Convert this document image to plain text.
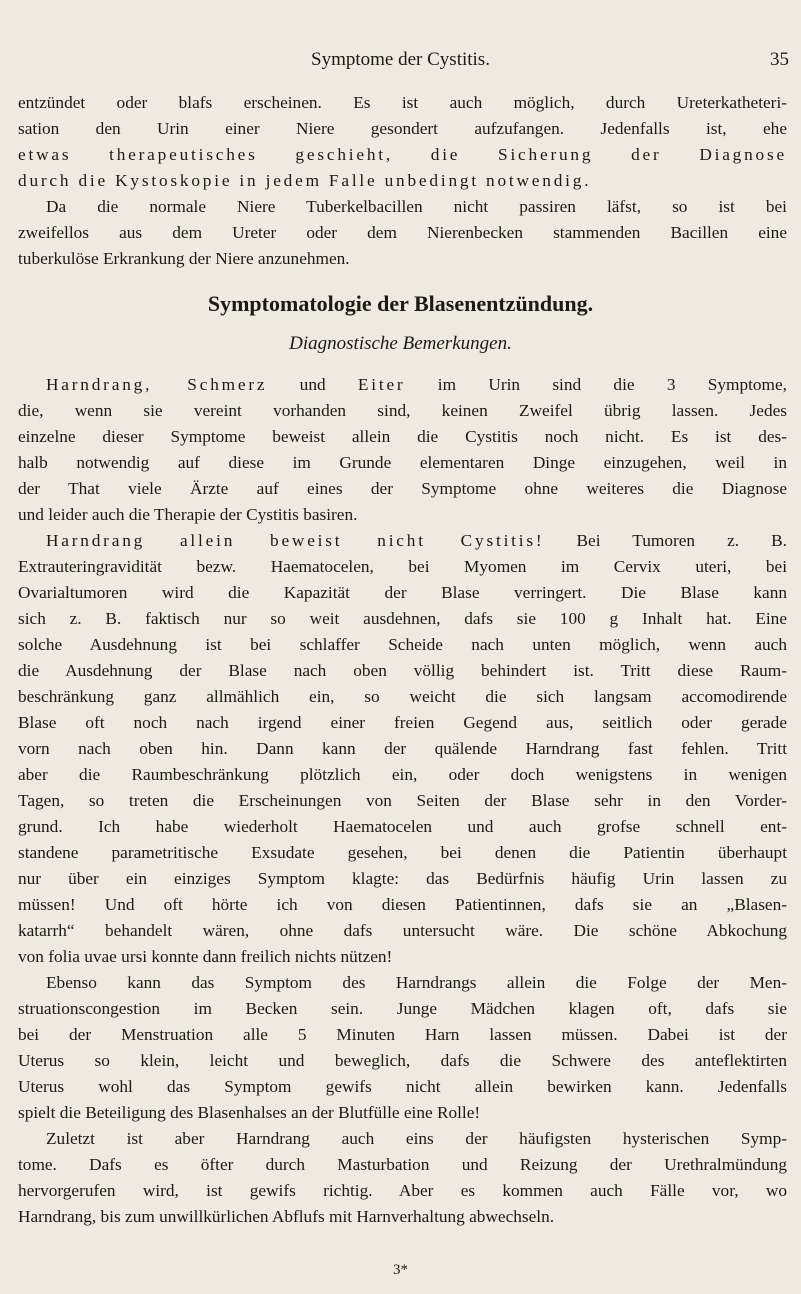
Symptome der Cystitis.	35
entzündet oder blafs erscheinen. Es ist auch möglich, durch Ureterkatheteri-
sation den Urin einer Niere gesondert aufzufangen. Jedenfalls ist, ehe
etwas therapeutisches geschieht, die Sicherung der Diagnose
durch die Kystoskopie in jedem Falle unbedingt notwendig.
Da die normale Niere Tuberkelbacillen nicht passiren läfst, so ist bei
zweifellos aus dem Ureter oder dem Nierenbecken stammenden Bacillen eine
tuberkulöse Erkrankung der Niere anzunehmen.
Symptomatologie der Blasenentzündung.
Diagnostische Bemerkungen.
Harndrang, Schmerz und Eiter im Urin sind die 3 Symptome,
die, wenn sie vereint vorhanden sind, keinen Zweifel übrig lassen. Jedes
einzelne dieser Symptome beweist allein die Cystitis noch nicht. Es ist des-
halb notwendig auf diese im Grunde elementaren Dinge einzugehen, weil in
der That viele Ärzte auf eines der Symptome ohne weiteres die Diagnose
und leider auch die Therapie der Cystitis basiren.
Harndrang allein beweist nicht Cystitis! Bei Tumoren z. B.
Extrauteringravidität bezw. Haematocelen, bei Myomen im Cervix uteri, bei
Ovarialtumoren wird die Kapazität der Blase verringert. Die Blase kann
sich z. B. faktisch nur so weit ausdehnen, dafs sie 100 g Inhalt hat. Eine
solche Ausdehnung ist bei schlaffer Scheide nach unten möglich, wenn auch
die Ausdehnung der Blase nach oben völlig behindert ist. Tritt diese Raum-
beschränkung ganz allmählich ein, so weicht die sich langsam accomodirende
Blase oft noch nach irgend einer freien Gegend aus, seitlich oder gerade
vorn nach oben hin. Dann kann der quälende Harndrang fast fehlen. Tritt
aber die Raumbeschränkung plötzlich ein, oder doch wenigstens in wenigen
Tagen, so treten die Erscheinungen von Seiten der Blase sehr in den Vorder-
grund. Ich habe wiederholt Haematocelen und auch grofse schnell ent-
standene parametritische Exsudate gesehen, bei denen die Patientin überhaupt
nur über ein einziges Symptom klagte: das Bedürfnis häufig Urin lassen zu
müssen! Und oft hörte ich von diesen Patientinnen, dafs sie an „Blasen-
katarrh“ behandelt wären, ohne dafs untersucht wäre. Die schöne Abkochung
von folia uvae ursi konnte dann freilich nichts nützen!
Ebenso kann das Symptom des Harndrangs allein die Folge der Men-
struationscongestion im Becken sein. Junge Mädchen klagen oft, dafs sie
bei der Menstruation alle 5 Minuten Harn lassen müssen. Dabei ist der
Uterus so klein, leicht und beweglich, dafs die Schwere des anteflektirten
Uterus wohl das Symptom gewifs nicht allein bewirken kann. Jedenfalls
spielt die Beteiligung des Blasenhalses an der Blutfülle eine Rolle!
Zuletzt ist aber Harndrang auch eins der häufigsten hysterischen Symp-
tome. Dafs es öfter durch Masturbation und Reizung der Urethralmündung
hervorgerufen wird, ist gewifs richtig. Aber es kommen auch Fälle vor, wo
Harndrang, bis zum unwillkürlichen Abflufs mit Harnverhaltung abwechseln.
3*
